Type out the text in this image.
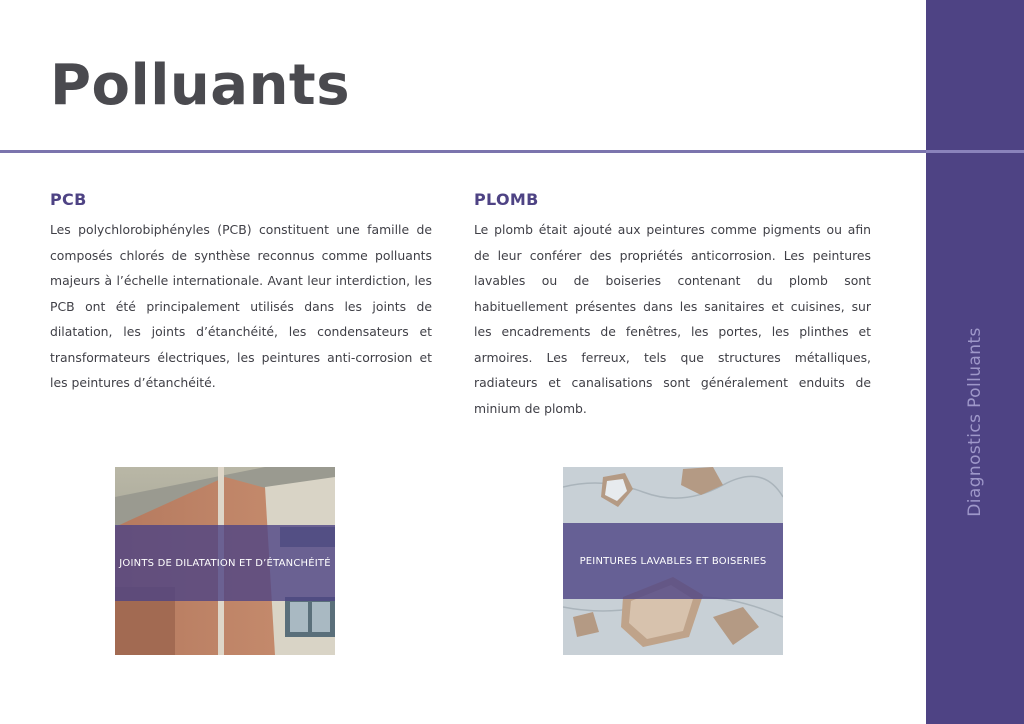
Polluants
Diagnostics Polluants
PCB

Les polychlorobiphényles (PCB) constituent une famille de composés chlorés de synthèse reconnus comme polluants majeurs à l’échelle internationale. Avant leur interdiction, les PCB ont été principalement utilisés dans les joints de dilatation, les joints d’étanchéité, les condensateurs et transformateurs électriques, les peintures anti-corrosion et les peintures d’étanchéité.

PLOMB

Le plomb était ajouté aux peintures comme pigments ou afin de leur conférer des propriétés anticorrosion. Les peintures lavables ou de boiseries contenant du plomb sont habituellement présentes dans les sanitaires et cuisines, sur les encadrements de fenêtres, les portes, les plinthes et armoires. Les ferreux, tels que structures métalliques, radiateurs et canalisations sont généralement enduits de minium de plomb.

JOINTS DE DILATATION ET D’ÉTANCHÉITÉ	PEINTURES LAVABLES ET BOISERIES
